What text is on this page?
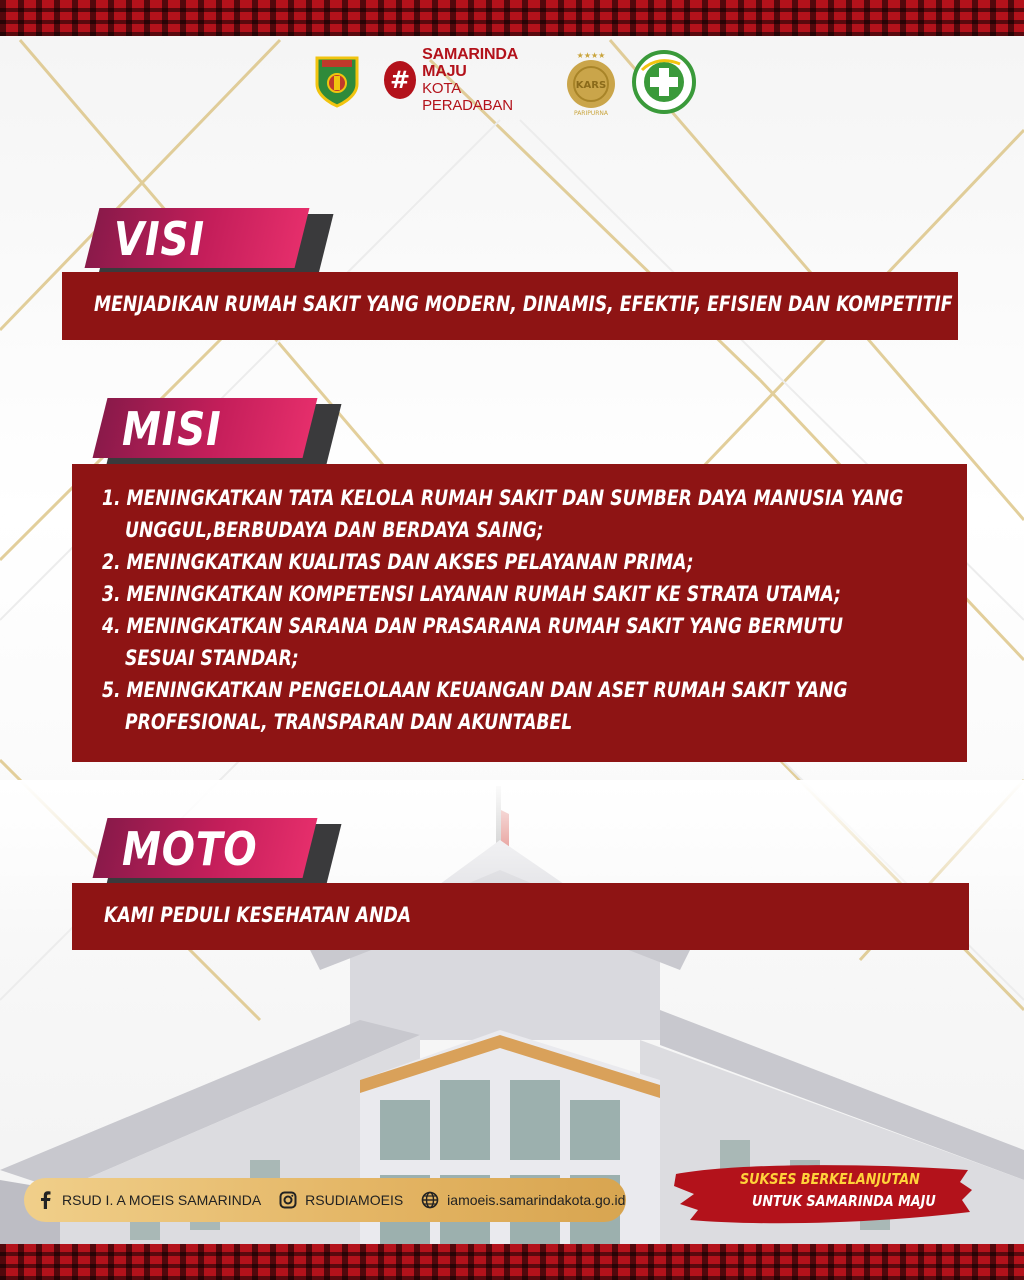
#
SAMARINDA MAJU
KOTA PERADABAN
★★★★
KARS
PARIPURNA
VISI
MENJADIKAN RUMAH SAKIT YANG MODERN, DINAMIS, EFEKTIF, EFISIEN DAN KOMPETITIF
MISI
1. MENINGKATKAN TATA KELOLA RUMAH SAKIT DAN SUMBER DAYA MANUSIA YANG
UNGGUL,BERBUDAYA DAN BERDAYA SAING;
2. MENINGKATKAN KUALITAS DAN AKSES PELAYANAN PRIMA;
3. MENINGKATKAN KOMPETENSI LAYANAN RUMAH SAKIT KE STRATA UTAMA;
4. MENINGKATKAN SARANA DAN PRASARANA RUMAH SAKIT YANG BERMUTU
SESUAI STANDAR;
5. MENINGKATKAN PENGELOLAAN KEUANGAN DAN ASET RUMAH SAKIT YANG
PROFESIONAL, TRANSPARAN DAN AKUNTABEL
MOTO
KAMI PEDULI KESEHATAN ANDA
RSUD I. A MOEIS SAMARINDA	RSUDIAMOEIS	iamoeis.samarindakota.go.id
SUKSES BERKELANJUTAN
UNTUK SAMARINDA MAJU
